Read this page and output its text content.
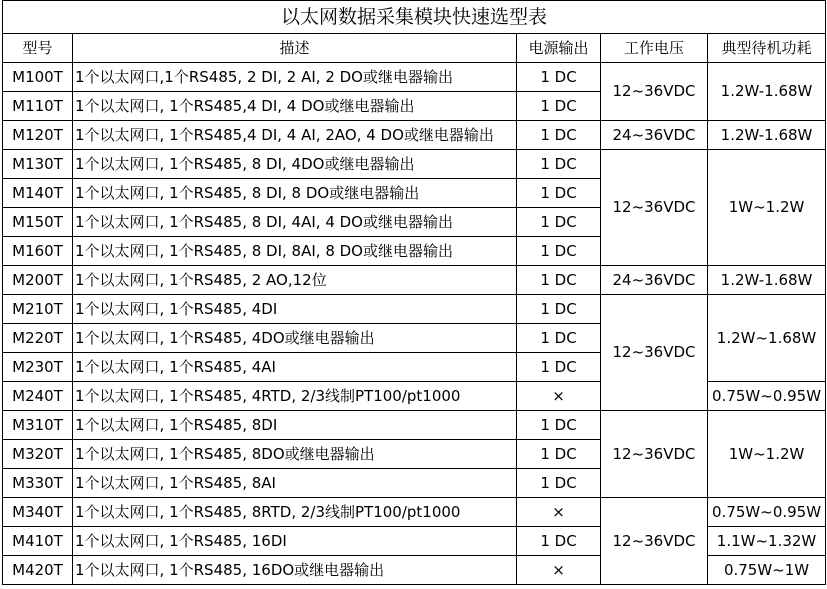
以太网数据采集模块快速选型表				
型号	描述	电源输出	工作电压	典型待机功耗
M100T	1个以太网口,1个RS485, 2 DI, 2 AI, 2 DO或继电器输出	1 DC	12~36VDC	1.2W-1.68W
M110T	1个以太网口, 1个RS485,4 DI, 4 DO或继电器输出	1 DC		
M120T	1个以太网口, 1个RS485,4 DI, 4 AI, 2AO, 4 DO或继电器输出	1 DC	24~36VDC	1.2W-1.68W
M130T	1个以太网口, 1个RS485, 8 DI, 4DO或继电器输出	1 DC	12~36VDC	1W~1.2W
M140T	1个以太网口, 1个RS485, 8 DI, 8 DO或继电器输出	1 DC		
M150T	1个以太网口, 1个RS485, 8 DI, 4AI, 4 DO或继电器输出	1 DC		
M160T	1个以太网口, 1个RS485, 8 DI, 8AI, 8 DO或继电器输出	1 DC		
M200T	1个以太网口, 1个RS485, 2 AO,12位	1 DC	24~36VDC	1.2W-1.68W
M210T	1个以太网口, 1个RS485, 4DI	1 DC	12~36VDC	1.2W~1.68W
M220T	1个以太网口, 1个RS485, 4DO或继电器输出	1 DC		
M230T	1个以太网口, 1个RS485, 4AI	1 DC		
M240T	1个以太网口, 1个RS485, 4RTD, 2/3线制PT100/pt1000	×		0.75W~0.95W
M310T	1个以太网口, 1个RS485, 8DI	1 DC	12~36VDC	1W~1.2W
M320T	1个以太网口, 1个RS485, 8DO或继电器输出	1 DC		
M330T	1个以太网口, 1个RS485, 8AI	1 DC		
M340T	1个以太网口, 1个RS485, 8RTD, 2/3线制PT100/pt1000	×	12~36VDC	0.75W~0.95W
M410T	1个以太网口, 1个RS485, 16DI	1 DC		1.1W~1.32W
M420T	1个以太网口, 1个RS485, 16DO或继电器输出	×		0.75W~1W
